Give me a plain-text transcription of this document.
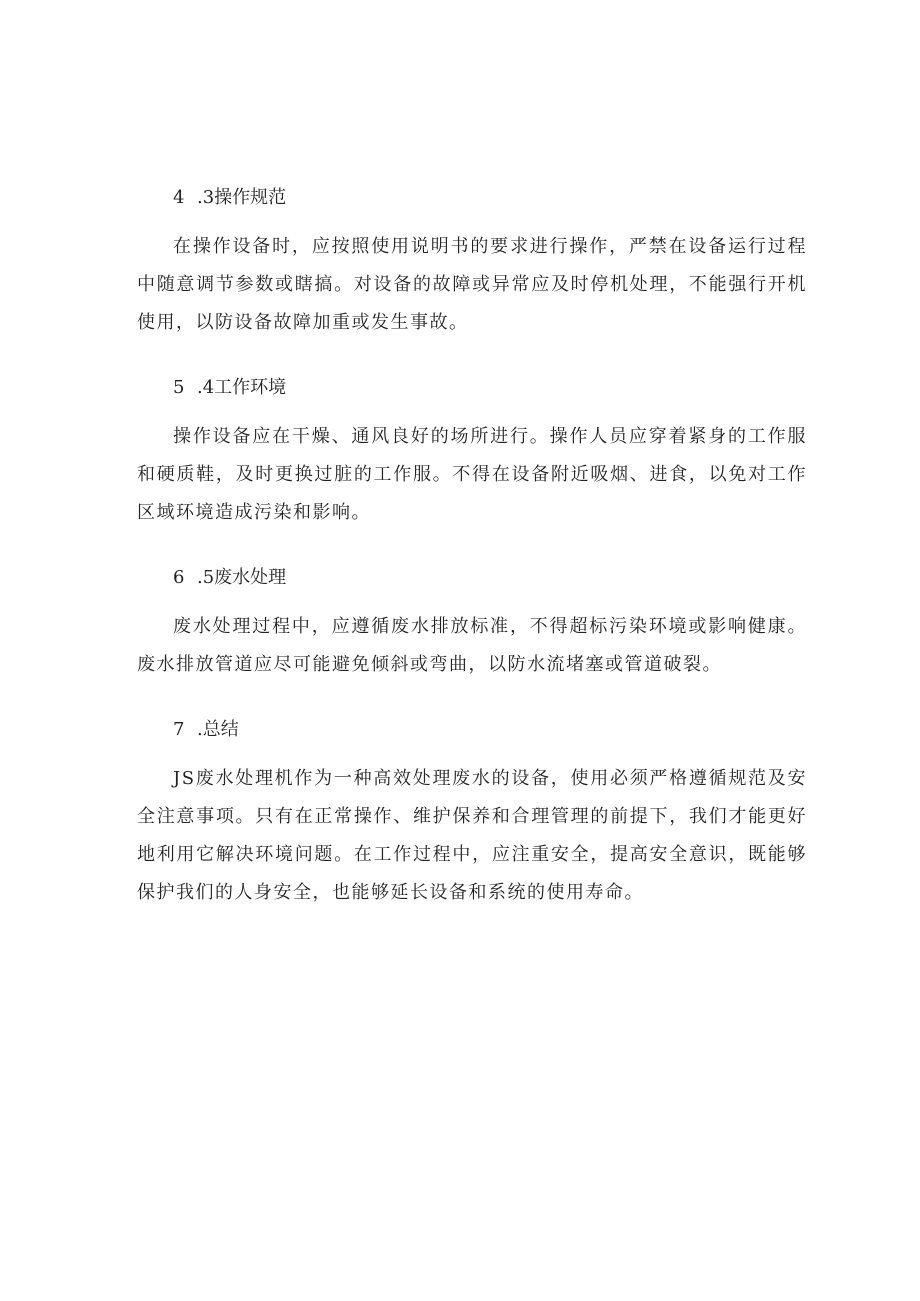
4 .3操作规范

在操作设备时，应按照使用说明书的要求进行操作，严禁在设备运行过程中随意调节参数或瞎搞。对设备的故障或异常应及时停机处理，不能强行开机使用，以防设备故障加重或发生事故。

5 .4工作环境

操作设备应在干燥、通风良好的场所进行。操作人员应穿着紧身的工作服和硬质鞋，及时更换过脏的工作服。不得在设备附近吸烟、进食，以免对工作区域环境造成污染和影响。

6 .5废水处理

废水处理过程中，应遵循废水排放标准，不得超标污染环境或影响健康。废水排放管道应尽可能避免倾斜或弯曲，以防水流堵塞或管道破裂。

7 .总结

JS废水处理机作为一种高效处理废水的设备，使用必须严格遵循规范及安全注意事项。只有在正常操作、维护保养和合理管理的前提下，我们才能更好地利用它解决环境问题。在工作过程中，应注重安全，提高安全意识，既能够保护我们的人身安全，也能够延长设备和系统的使用寿命。
